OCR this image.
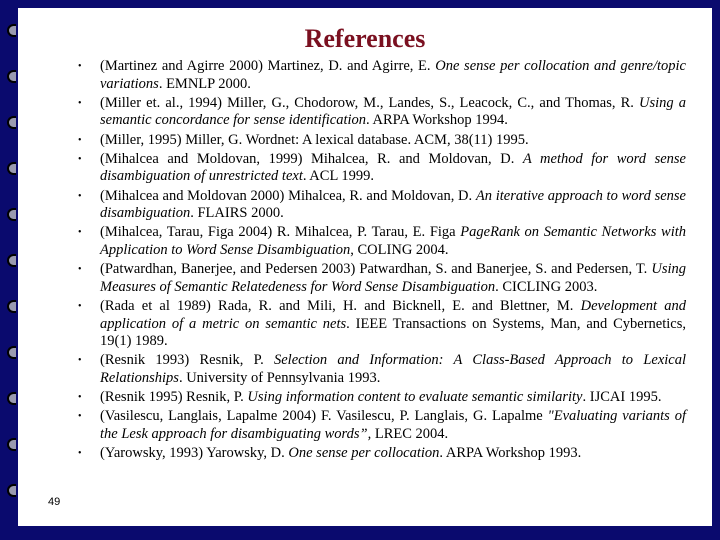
References
• (Martinez and Agirre 2000) Martinez, D. and Agirre, E. One sense per collocation and genre/topic variations. EMNLP 2000.
• (Miller et. al., 1994) Miller, G., Chodorow, M., Landes, S., Leacock, C., and Thomas, R. Using a semantic concordance for sense identification. ARPA Workshop 1994.
• (Miller, 1995) Miller, G. Wordnet: A lexical database. ACM, 38(11) 1995.
• (Mihalcea and Moldovan, 1999) Mihalcea, R. and Moldovan, D. A method for word sense disambiguation of unrestricted text. ACL 1999.
• (Mihalcea and Moldovan 2000) Mihalcea, R. and Moldovan, D. An iterative approach to word sense disambiguation. FLAIRS 2000.
• (Mihalcea, Tarau, Figa 2004) R. Mihalcea, P. Tarau, E. Figa PageRank on Semantic Networks with Application to Word Sense Disambiguation, COLING 2004.
• (Patwardhan, Banerjee, and Pedersen 2003) Patwardhan, S. and Banerjee, S. and Pedersen, T. Using Measures of Semantic Relatedeness for Word Sense Disambiguation. CICLING 2003.
• (Rada et al 1989) Rada, R. and Mili, H. and Bicknell, E. and Blettner, M. Development and application of a metric on semantic nets. IEEE Transactions on Systems, Man, and Cybernetics, 19(1) 1989.
• (Resnik 1993) Resnik, P. Selection and Information: A Class-Based Approach to Lexical Relationships. University of Pennsylvania 1993.
• (Resnik 1995) Resnik, P. Using information content to evaluate semantic similarity. IJCAI 1995.
• (Vasilescu, Langlais, Lapalme 2004) F. Vasilescu, P. Langlais, G. Lapalme "Evaluating variants of the Lesk approach for disambiguating words”, LREC 2004.
• (Yarowsky, 1993) Yarowsky, D. One sense per collocation. ARPA Workshop 1993.
49
